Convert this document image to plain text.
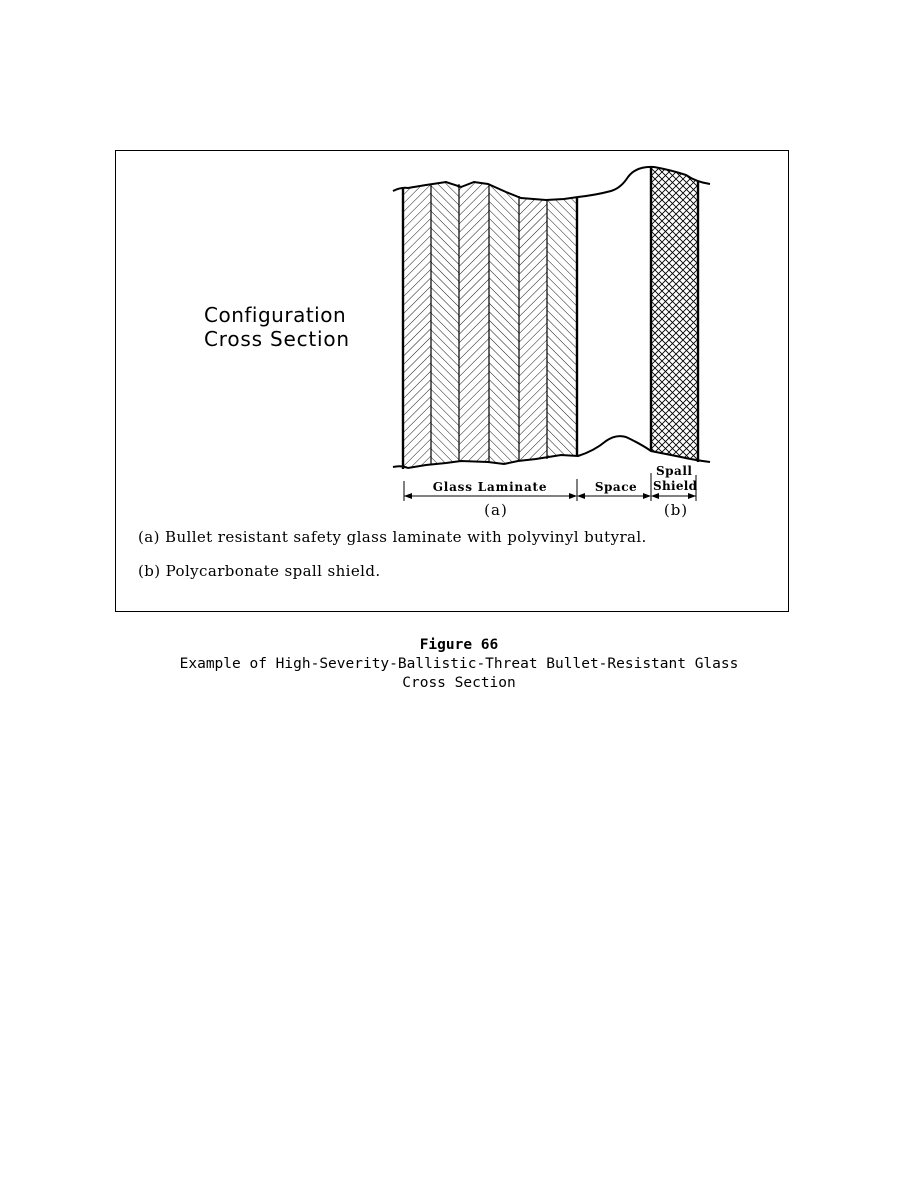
Configuration
Cross Section
Glass Laminate	Space
Spall
Shield
(a)	(b)

(a) Bullet resistant safety glass laminate with polyvinyl butyral.

(b) Polycarbonate spall shield.

Figure 66

Example of High-Severity-Ballistic-Threat Bullet-Resistant Glass

Cross Section
